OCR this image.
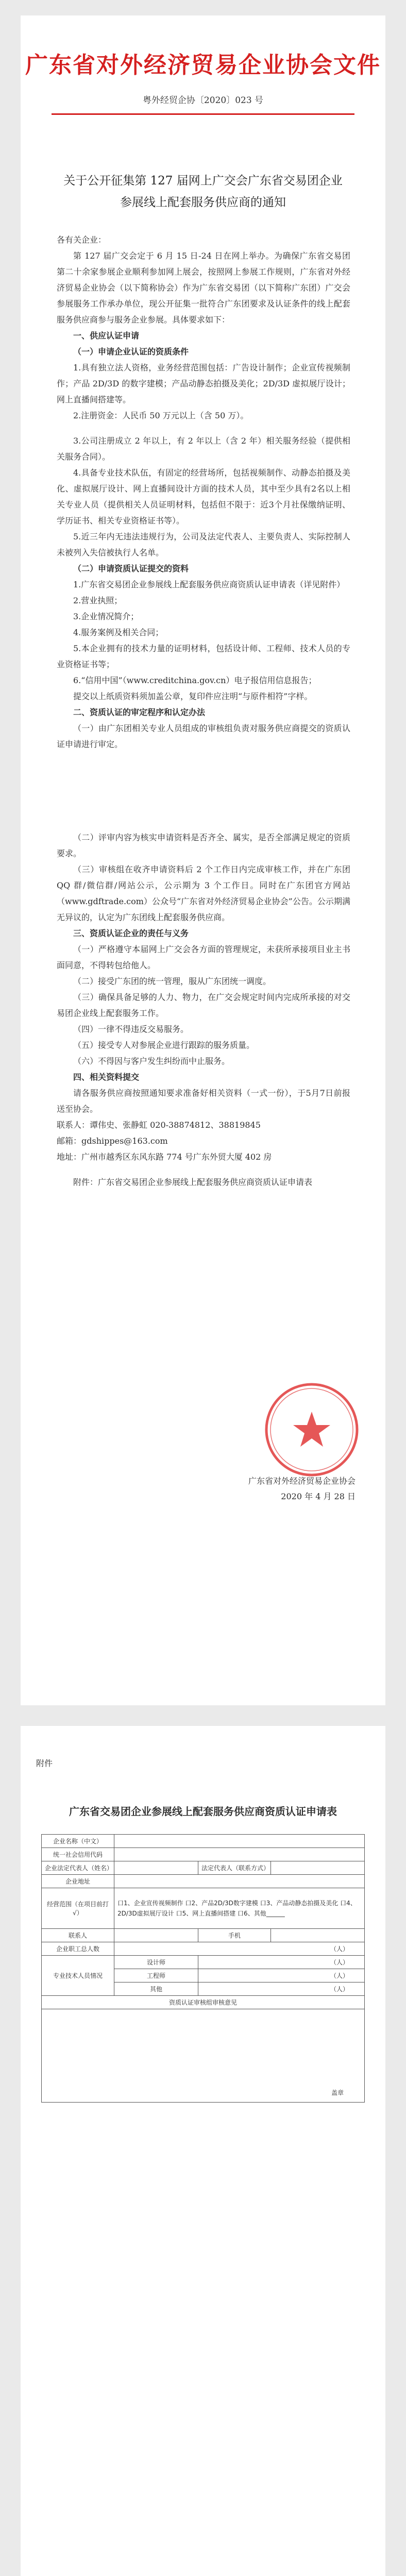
广东省对外经济贸易企业协会文件
粤外经贸企协〔2020〕023 号
关于公开征集第 127 届网上广交会广东省交易团企业参展线上配套服务供应商的通知

各有关企业：

第 127 届广交会定于 6 月 15 日-24 日在网上举办。为确保广东省交易团第二十余家参展企业顺利参加网上展会，按照网上参展工作规则，广东省对外经济贸易企业协会（以下简称协会）作为广东省交易团（以下简称广东团）广交会参展服务工作承办单位，现公开征集一批符合广东团要求及认证条件的线上配套服务供应商参与服务企业参展。具体要求如下：

一、供应认证申请

（一）申请企业认证的资质条件

1.具有独立法人资格，业务经营范围包括：广告设计制作；企业宣传视频制作；产品 2D/3D 的数字建模；产品动静态拍摄及美化；2D/3D 虚拟展厅设计；网上直播间搭建等。

2.注册资金：人民币 50 万元以上（含 50 万）。

3.公司注册成立 2 年以上，有 2 年以上（含 2 年）相关服务经验（提供相关服务合同）。

4.具备专业技术队伍，有固定的经营场所，包括视频制作、动静态拍摄及美化、虚拟展厅设计、网上直播间设计方面的技术人员，其中至少具有2名以上相关专业人员（提供相关人员证明材料，包括但不限于：近3个月社保缴纳证明、学历证书、相关专业资格证书等）。

5.近三年内无违法违规行为，公司及法定代表人、主要负责人、实际控制人未被列入失信被执行人名单。

（二）申请资质认证提交的资料

1.广东省交易团企业参展线上配套服务供应商资质认证申请表（详见附件）

2.营业执照；

3.企业情况简介；

4.服务案例及相关合同；

5.本企业拥有的技术力量的证明材料，包括设计师、工程师、技术人员的专业资格证书等；

6.“信用中国”（www.creditchina.gov.cn）电子报信用信息报告；

提交以上纸质资料须加盖公章，复印件应注明“与原件相符”字样。

二、资质认证的审定程序和认定办法

（一）由广东团相关专业人员组成的审核组负责对服务供应商提交的资质认证申请进行审定。

（二）评审内容为核实申请资料是否齐全、属实，是否全部满足规定的资质要求。

（三）审核组在收齐申请资料后 2 个工作日内完成审核工作，并在广东团 QQ 群/微信群/网站公示，公示期为 3 个工作日。同时在广东团官方网站（www.gdftrade.com）公众号“广东省对外经济贸易企业协会”公告。公示期满无异议的，认定为广东团线上配套服务供应商。

三、资质认证企业的责任与义务

（一）严格遵守本届网上广交会各方面的管理规定，未获所承接项目业主书面同意，不得转包给他人。

（二）接受广东团的统一管理，服从广东团统一调度。

（三）确保具备足够的人力、物力，在广交会规定时间内完成所承接的对交易团企业线上配套服务工作。

（四）一律不得违反交易服务。

（五）接受专人对参展企业进行跟踪的服务质量。

（六）不得因与客户发生纠纷而中止服务。

四、相关资料提交

请各服务供应商按照通知要求准备好相关资料（一式一份），于5月7日前报送至协会。

联系人：谭伟史、张静虹 020-38874812、38819845

邮箱：gdshippes@163.com

地址：广州市越秀区东风东路 774 号广东外贸大厦 402 房

附件：广东省交易团企业参展线上配套服务供应商资质认证申请表

广东省对外经济贸易企业协会
2020 年 4 月 28 日
附件
广东省交易团企业参展线上配套服务供应商资质认证申请表
企业名称（中文）			
统一社会信用代码			
企业法定代表人（姓名）		法定代表人（联系方式）	
企业地址			
经营范围（在项目前打√）	口1、企业宣传视频制作 口2、产品2D/3D数字建模 口3、产品动静态拍摄及美化 口4、2D/3D虚拟展厅设计 口5、网上直播间搭建 口6、其他______		
联系人		手机	
企业职工总人数	（人）		
专业技术人员情况	设计师	（人）	
	工程师	（人）	
	其他	（人）	
资质认证审核组审核意见			
盖章			
